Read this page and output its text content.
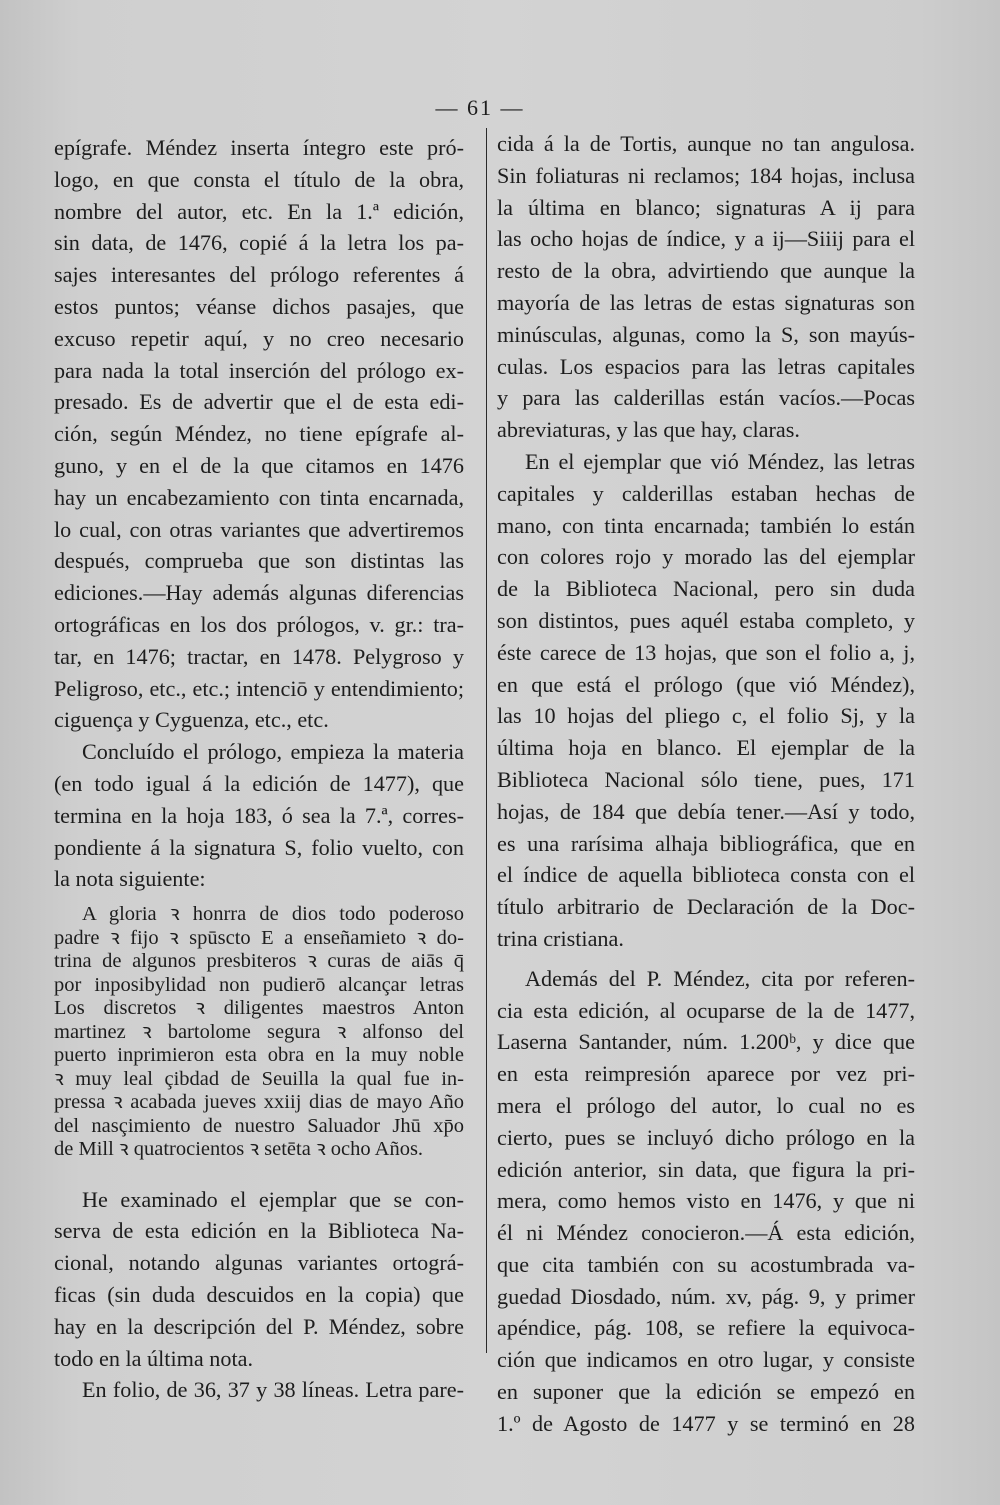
— 61 —
epígrafe. Méndez inserta íntegro este pró-
logo, en que consta el título de la obra,
nombre del autor, etc. En la 1.ª edición,
sin data, de 1476, copié á la letra los pa-
sajes interesantes del prólogo referentes á
estos puntos; véanse dichos pasajes, que
excuso repetir aquí, y no creo necesario
para nada la total inserción del prólogo ex-
presado. Es de advertir que el de esta edi-
ción, según Méndez, no tiene epígrafe al-
guno, y en el de la que citamos en 1476
hay un encabezamiento con tinta encarnada,
lo cual, con otras variantes que advertiremos
después, comprueba que son distintas las
ediciones.—Hay además algunas diferencias
ortográficas en los dos prólogos, v. gr.: tra-
tar, en 1476; tractar, en 1478. Pelygroso y
Peligroso, etc., etc.; intenciō y entendimiento;
ciguença y Cyguenza, etc., etc.
Concluído el prólogo, empieza la materia
(en todo igual á la edición de 1477), que
termina en la hoja 183, ó sea la 7.ª, corres-
pondiente á la signatura S, folio vuelto, con
la nota siguiente:
A gloria ꝛ honrra de dios todo poderoso
padre ꝛ fijo ꝛ spūscto E a enseñamieto ꝛ do-
trina de algunos presbiteros ꝛ curas de aiās q̄
por inposibylidad non pudierō alcançar letras
Los discretos ꝛ diligentes maestros Anton
martinez ꝛ bartolome segura ꝛ alfonso del
puerto inprimieron esta obra en la muy noble
ꝛ muy leal çibdad de Seuilla la qual fue in-
pressa ꝛ acabada jueves xxiij dias de mayo Año
del nasçimiento de nuestro Saluador Jhū xp̄o
de Mill ꝛ quatrocientos ꝛ setēta ꝛ ocho Años.
He examinado el ejemplar que se con-
serva de esta edición en la Biblioteca Na-
cional, notando algunas variantes ortográ-
ficas (sin duda descuidos en la copia) que
hay en la descripción del P. Méndez, sobre
todo en la última nota.
En folio, de 36, 37 y 38 líneas. Letra pare-
cida á la de Tortis, aunque no tan angulosa.
Sin foliaturas ni reclamos; 184 hojas, inclusa
la última en blanco; signaturas A ij para
las ocho hojas de índice, y a ij—Siiij para el
resto de la obra, advirtiendo que aunque la
mayoría de las letras de estas signaturas son
minúsculas, algunas, como la S, son mayús-
culas. Los espacios para las letras capitales
y para las calderillas están vacíos.—Pocas
abreviaturas, y las que hay, claras.
En el ejemplar que vió Méndez, las letras
capitales y calderillas estaban hechas de
mano, con tinta encarnada; también lo están
con colores rojo y morado las del ejemplar
de la Biblioteca Nacional, pero sin duda
son distintos, pues aquél estaba completo, y
éste carece de 13 hojas, que son el folio a, j,
en que está el prólogo (que vió Méndez),
las 10 hojas del pliego c, el folio Sj, y la
última hoja en blanco. El ejemplar de la
Biblioteca Nacional sólo tiene, pues, 171
hojas, de 184 que debía tener.—Así y todo,
es una rarísima alhaja bibliográfica, que en
el índice de aquella biblioteca consta con el
título arbitrario de Declaración de la Doc-
trina cristiana.
Además del P. Méndez, cita por referen-
cia esta edición, al ocuparse de la de 1477,
Laserna Santander, núm. 1.200ᵇ, y dice que
en esta reimpresión aparece por vez pri-
mera el prólogo del autor, lo cual no es
cierto, pues se incluyó dicho prólogo en la
edición anterior, sin data, que figura la pri-
mera, como hemos visto en 1476, y que ni
él ni Méndez conocieron.—Á esta edición,
que cita también con su acostumbrada va-
guedad Diosdado, núm. xv, pág. 9, y primer
apéndice, pág. 108, se refiere la equivoca-
ción que indicamos en otro lugar, y consiste
en suponer que la edición se empezó en
1.º de Agosto de 1477 y se terminó en 28
